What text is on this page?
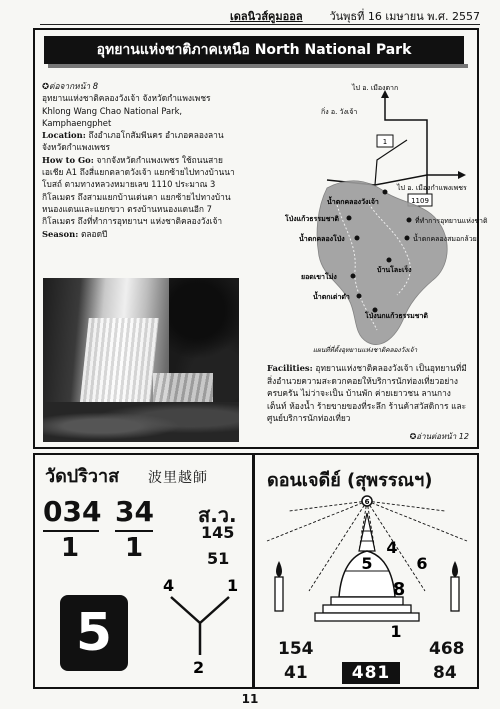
เดลนิวส์คูมออล วันพุธที่ 16 เมษายน พ.ศ. 2557
อุทยานแห่งชาติภาคเหนือ North National Park

✪ต่อจากหน้า 8

อุทยานแห่งชาติคลองวังเจ้า จังหวัดกำแพงเพชร

Khlong Wang Chao National Park, Kamphaengphet

Location: ถึงอำเภอโกสัมพีนคร อำเภอคลองลาน จังหวัดกำแพงเพชร

How to Go: จากจังหวัดกำแพงเพชร ใช้ถนนสายเอเชีย A1 ถึงสี่แยกตลาดวังเจ้า แยกซ้ายไปทางบ้านนาโบสถ์ ตามทางหลวงหมายเลข 1110 ประมาณ 3 กิโลเมตร ถึงสามแยกบ้านเด่นคา แยกซ้ายไปทางบ้านหนองแดนและแยกขวา ตรงบ้านหนองแดนอีก 7 กิโลเมตร ถึงที่ทำการอุทยานฯ แห่งชาติคลองวังเจ้า

Season: ตลอดปี

1
1109
ไป อ. เมืองตาก
กิ่ง อ. วังเจ้า
ไป อ. เมืองกำแพงเพชร
น้ำตกคลองวังเจ้า
ที่ทำการอุทยานแห่งชาติ
โป่งแก้วธรรมชาติ
น้ำตกคลองโป่ง	น้ำตกคลองสมอกล้วย
บ้านโละเร็ง
ยอดเขาโม่ง
น้ำตกเต่าดำ
โป่งนกแก้วธรรมชาติ
แผนที่ที่ตั้งอุทยานแห่งชาติคลองวังเจ้า

Facilities: อุทยานแห่งชาติคลองวังเจ้า เป็นอุทยานที่มีสิ่งอำนวยความสะดวกคอยให้บริการนักท่องเที่ยวอย่างครบครัน ไม่ว่าจะเป็น บ้านพัก ค่ายเยาวชน ลานกางเต็นท์ ห้องน้ำ ร้ายขายของที่ระลึก ร้านค้าสวัสดิการ และศูนย์บริการนักท่องเที่ยว

✪อ่านต่อหน้า 12
วัดปริวาส 波里越師
034
1
34
1
ส.ว.
145
51
5
4	1
2
ดอนเจดีย์ (สุพรรณฯ)
6
4
5	6
8
1
154
41
468
84
481
11
